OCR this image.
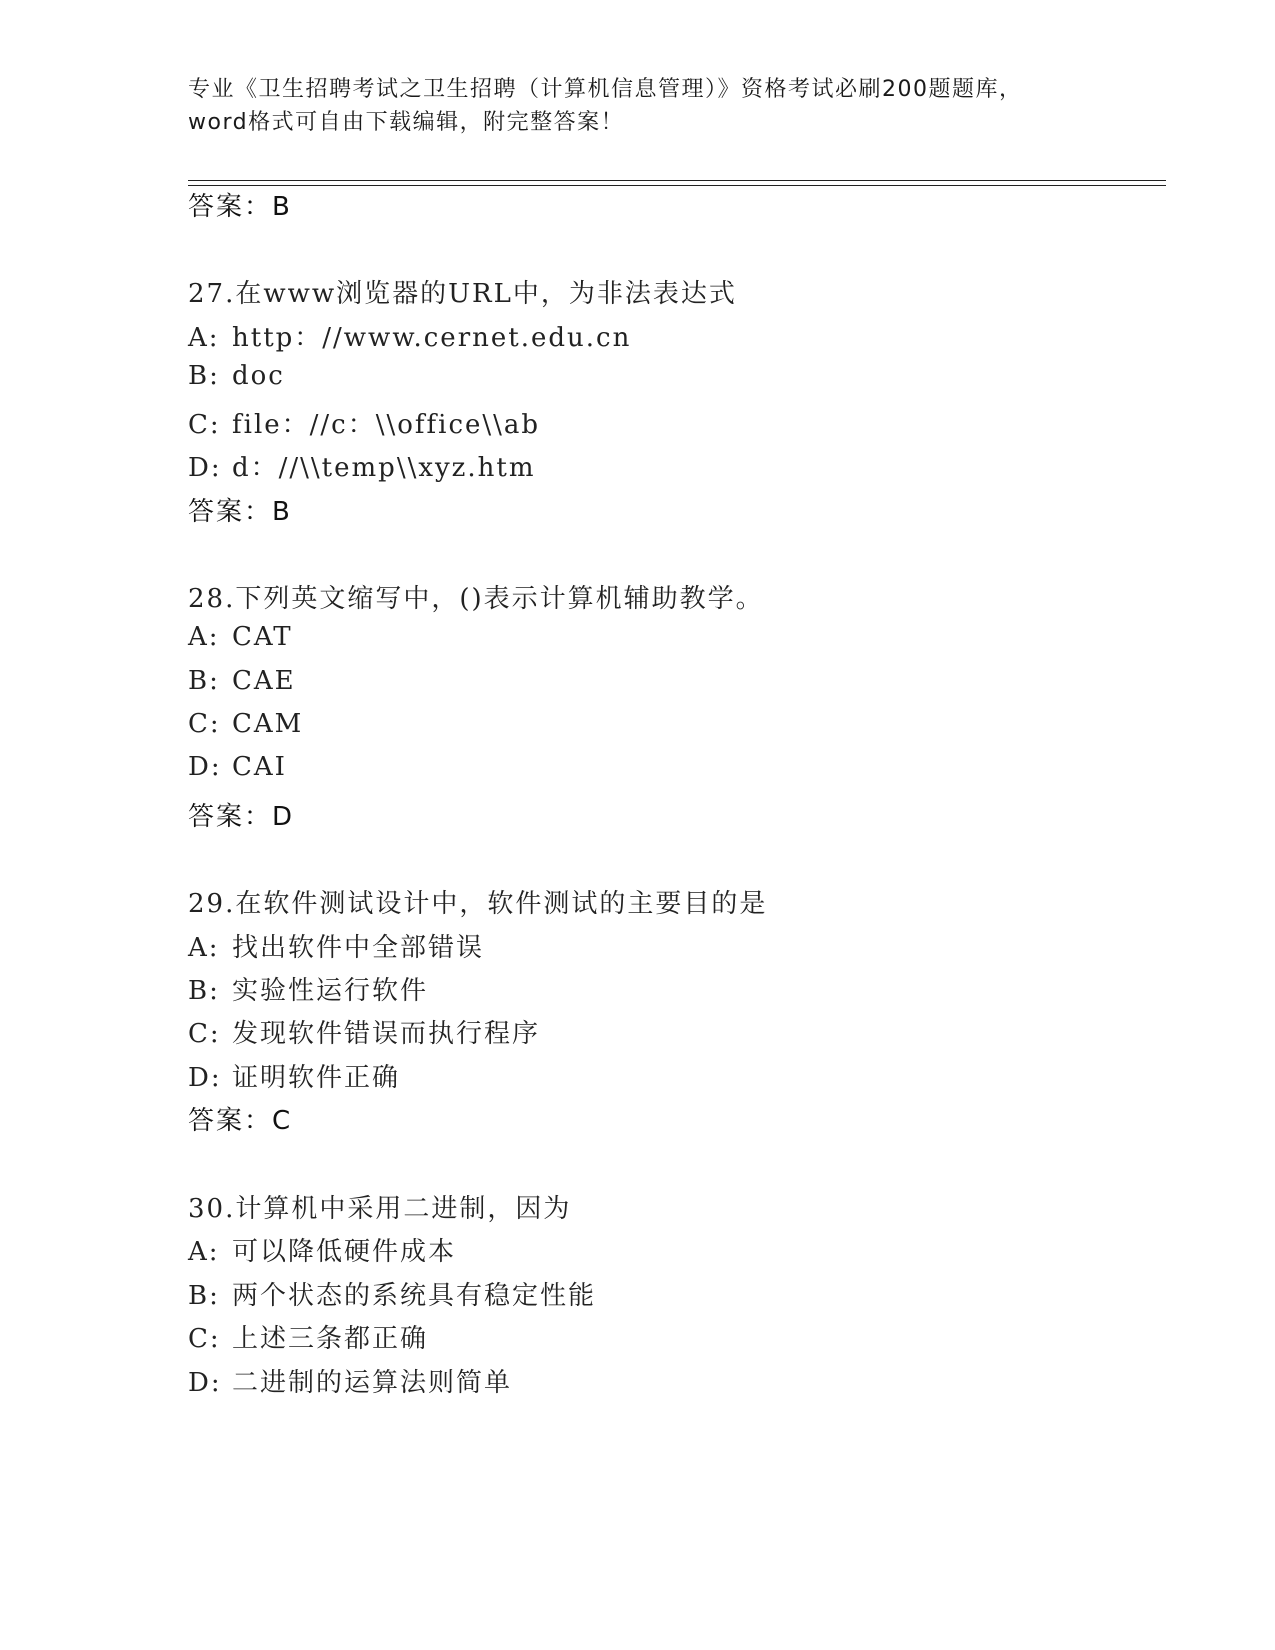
专业《卫生招聘考试之卫生招聘（计算机信息管理）》资格考试必刷200题题库，
word格式可自由下载编辑，附完整答案！
答案：B
27.在www浏览器的URL中，为非法表达式
A: http：//www.cernet.edu.cn
B: doc
C: file：//c：\\office\\ab
D: d：//\\temp\\xyz.htm
答案：B
28.下列英文缩写中，()表示计算机辅助教学。
A: CAT
B: CAE
C: CAM
D: CAI
答案：D
29.在软件测试设计中，软件测试的主要目的是
A: 找出软件中全部错误
B: 实验性运行软件
C: 发现软件错误而执行程序
D: 证明软件正确
答案：C
30.计算机中采用二进制，因为
A: 可以降低硬件成本
B: 两个状态的系统具有稳定性能
C: 上述三条都正确
D: 二进制的运算法则简单
